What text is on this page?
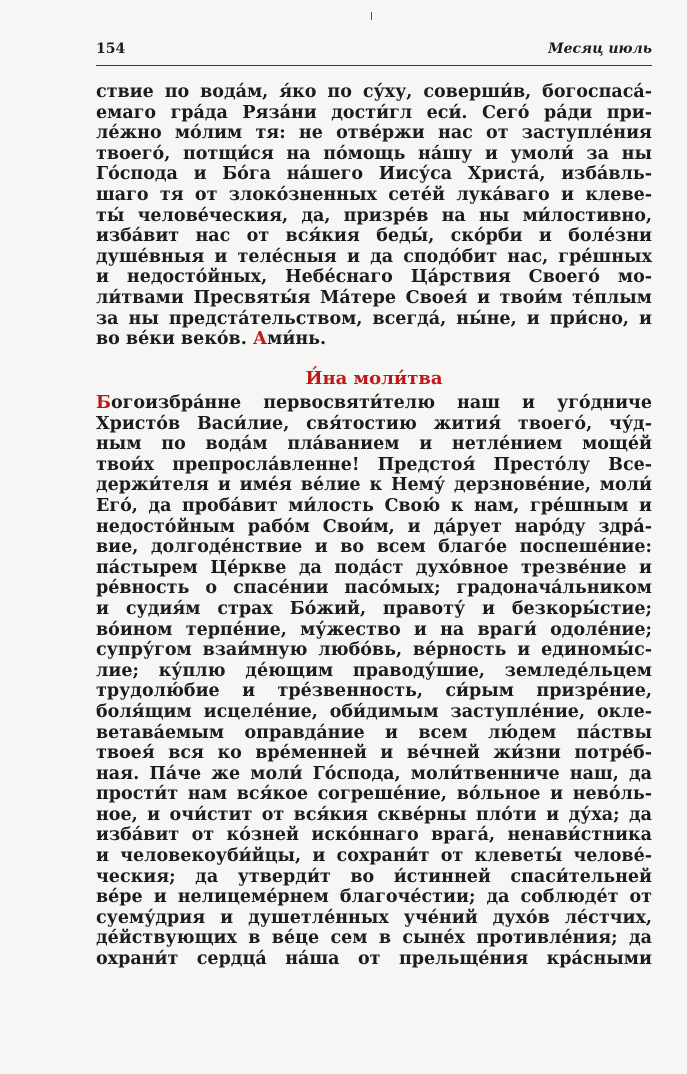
154	Месяц июль
ствие по вода́м, я́ко по су́ху, соверши́в, богоспаса́-
емаго гра́да Ряза́ни дости́гл еси́. Сего́ ра́ди при-
ле́жно мо́лим тя: не отве́ржи нас от заступле́ния
твоего́, потщи́ся на по́мощь на́шу и умоли́ за ны
Го́спода и Бо́га на́шего Иису́са Христа́, изба́вль-
шаго тя от злоко́зненных сете́й лука́ваго и клеве-
ты́ челове́ческия, да, призре́в на ны ми́лостивно,
изба́вит нас от вся́кия беды́, ско́рби и боле́зни
душе́вныя и теле́сныя и да сподо́бит нас, гре́шных
и недосто́йных, Небе́снаго Ца́рствия Своего́ мо-
ли́твами Пресвяты́я Ма́тере Своея́ и твои́м те́плым
за ны предста́тельством, всегда́, ны́не, и при́сно, и
во ве́ки веко́в. Ами́нь.
И́на моли́тва
Богоизбра́нне первосвяти́телю наш и уго́дниче
Христо́в Васи́лие, свя́тостию жития́ твоего́, чу́д-
ным по вода́м пла́ванием и нетле́нием моще́й
твои́х препросла́вленне! Предстоя́ Престо́лу Все-
держи́теля и име́я ве́лие к Нему́ дерзнове́ние, моли́
Его́, да проба́вит ми́лость Свою́ к нам, гре́шным и
недосто́йным рабо́м Свои́м, и да́рует наро́ду здра́-
вие, долгоде́нствие и во всем благо́е поспеше́ние:
па́стырем Це́ркве да пода́ст духо́вное трезве́ние и
ре́вность о спасе́нии пасо́мых; градонача́льником
и судия́м страх Бо́жий, правоту́ и безкоры́стие;
во́ином терпе́ние, му́жество и на враги́ одоле́ние;
супру́гом взаи́мную любо́вь, ве́рность и единомы́с-
лие; ку́плю де́ющим праводу́шие, земледе́льцем
трудолю́бие и тре́звенность, си́рым призре́ние,
боля́щим исцеле́ние, оби́димым заступле́ние, окле-
ветава́емым оправда́ние и всем лю́дем па́ствы
твоея́ вся ко вре́менней и ве́чней жи́зни потре́б-
ная. Па́че же моли́ Го́спода, моли́твенниче наш, да
прости́т нам вся́кое согреше́ние, во́льное и нево́ль-
ное, и очи́стит от вся́кия скве́рны пло́ти и ду́ха; да
изба́вит от ко́зней иско́ннаго врага́, ненави́стника
и человекоуби́йцы, и сохрани́т от клеветы́ челове́-
ческия; да утверди́т во и́стинней спаси́тельней
ве́ре и нелицеме́рнем благоче́стии; да соблюде́т от
суему́дрия и душетле́нных уче́ний духо́в ле́стчих,
де́йствующих в ве́це сем в сыне́х противле́ния; да
охрани́т сердца́ на́ша от прельще́ния кра́сными
